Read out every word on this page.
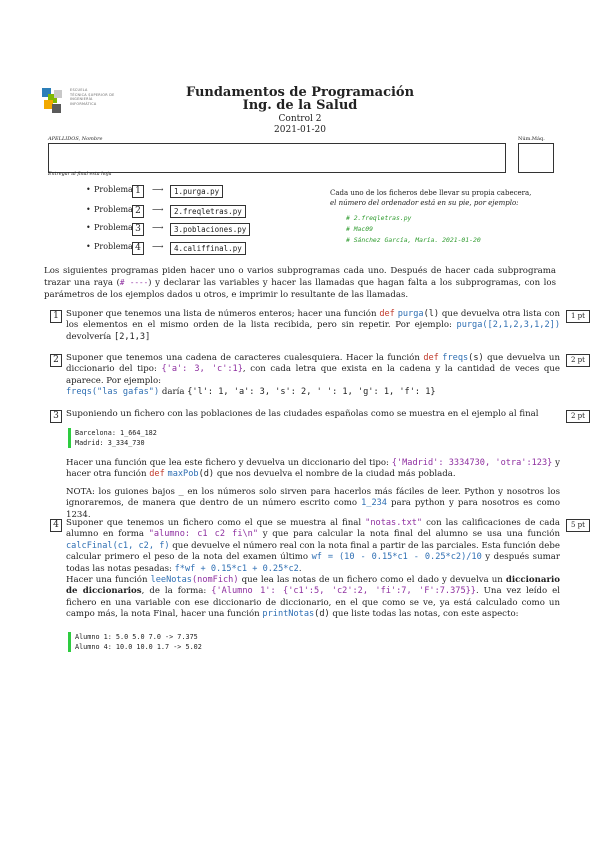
ESCUELA
TÉCNICA SUPERIOR DE
INGENIERÍA
INFORMÁTICA
Fundamentos de Programación
Ing. de la Salud
Control 2
2021-01-20
APELLIDOS, Nombre	Núm.Máq.
Entregar al final esta hoja
• Problema 1	⟶	1.purga.py
• Problema 2	⟶	2.freqletras.py
• Problema 3	⟶	3.poblaciones.py
• Problema 4	⟶	4.califfinal.py
Cada uno de los ficheros debe llevar su propia cabecera,
el número del ordenador está en su pie, por ejemplo:
# 2.freqletras.py
# Mac09
# Sánchez García, María. 2021-01-20
Los siguientes programas piden hacer uno o varios subprogramas cada uno. Después de hacer cada subprograma trazar una raya (# ----) y declarar las variables y hacer las llamadas que hagan falta a los subprogramas, con los parámetros de los ejemplos dados u otros, e imprimir lo resultante de las llamadas.
1	1 pt
Suponer que tenemos una lista de números enteros; hacer una función def purga(l) que devuelva otra lista con los elementos en el mismo orden de la lista recibida, pero sin repetir. Por ejemplo: purga([2,1,2,3,1,2]) devolvería [2,1,3]
2	2 pt
Suponer que tenemos una cadena de caracteres cualesquiera. Hacer la función def freqs(s) que devuelva un diccionario del tipo: {'a': 3, 'c':1}, con cada letra que exista en la cadena y la cantidad de veces que aparece. Por ejemplo:
freqs("las gafas") daría {'l': 1, 'a': 3, 's': 2, ' ': 1, 'g': 1, 'f': 1}
3	2 pt
Suponiendo un fichero con las poblaciones de las ciudades españolas como se muestra en el ejemplo al final
Barcelona: 1_664_182
Madrid: 3_334_730
Hacer una función que lea este fichero y devuelva un diccionario del tipo: {'Madrid': 3334730, 'otra':123} y hacer otra función def maxPob(d) que nos devuelva el nombre de la ciudad más poblada.
NOTA: los guiones bajos _ en los números solo sirven para hacerlos más fáciles de leer. Python y nosotros los ignoraremos, de manera que dentro de un número escrito como 1_234 para python y para nosotros es como 1234.
4	5 pt
Suponer que tenemos un fichero como el que se muestra al final "notas.txt" con las calificaciones de cada alumno en forma "alumno: c1 c2 fi\n" y que para calcular la nota final del alumno se usa una función calcFinal(c1, c2, f) que devuelve el número real con la nota final a partir de las parciales. Esta función debe calcular primero el peso de la nota del examen último wf = (10 - 0.15*c1 - 0.25*c2)/10 y después sumar todas las notas pesadas: f*wf + 0.15*c1 + 0.25*c2.
Hacer una función leeNotas(nomFich) que lea las notas de un fichero como el dado y devuelva un diccionario de diccionarios, de la forma: {'Alumno 1': {'c1':5, 'c2':2, 'fi':7, 'F':7.375}}. Una vez leído el fichero en una variable con ese diccionario de diccionario, en el que como se ve, ya está calculado como un campo más, la nota Final, hacer una función printNotas(d) que liste todas las notas, con este aspecto:
Alumno 1: 5.0 5.0 7.0 -> 7.375
Alumno 4: 10.0 10.0 1.7 -> 5.02
